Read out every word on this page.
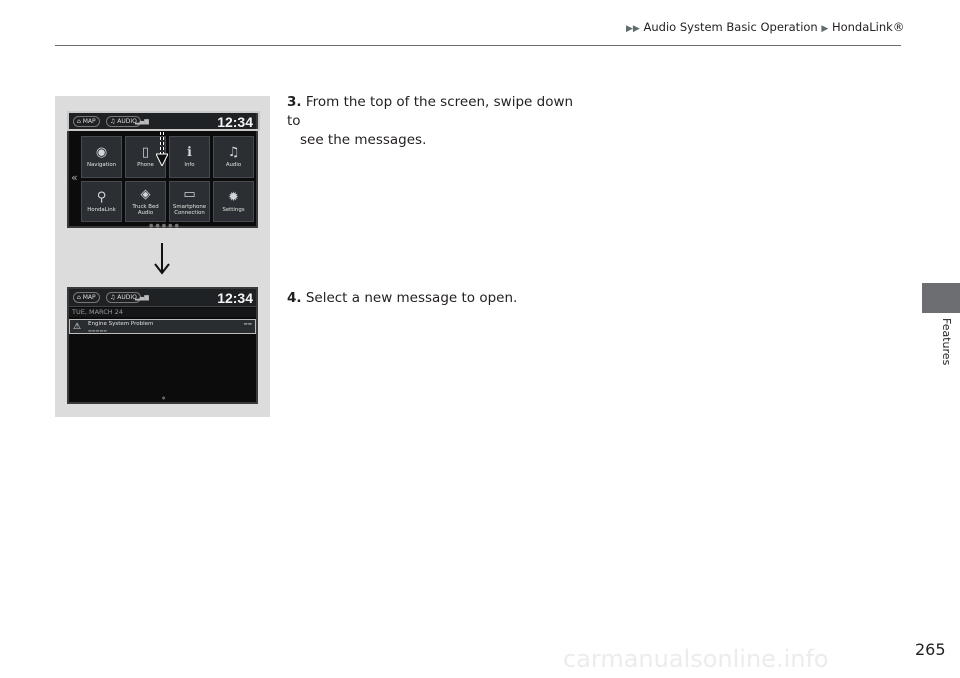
▶▶ Audio System Basic Operation ▶ HondaLink®
Features
⌂ MAP	♫ AUDIO
▂▄▆	12:34
«
◉
Navigation
▯
Phone
ℹ
Info
♫
Audio
⚲
HondaLink
◈
Truck Bed Audio
▭
Smartphone Connection
✹
Settings
●●●●●
⌂ MAP	♫ AUDIO
▂▄▆	12:34
TUE, MARCH 24
⚠ Engine System Problem
▬▬▬▬▬
▬▬
●
3. From the top of the screen, swipe down to
see the messages.
4. Select a new message to open.
carmanualsonline.info	265
